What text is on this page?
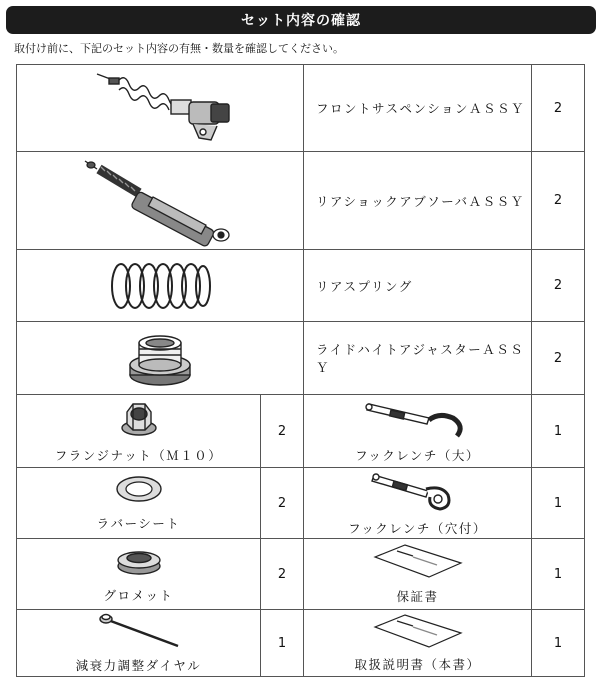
セット内容の確認
取付け前に、下記のセット内容の有無・数量を確認してください。
	フロントサスペンションＡＳＳＹ	2

	リアショックアブソーバＡＳＳＹ	2

	リアスプリング	2

	ライドハイトアジャスターＡＳＳＹ	2

フランジナット（Ｍ１０）	2	フックレンチ（大）	1

ラバーシート	2	フックレンチ（穴付）	1

グロメット	2	保証書	1

減衰力調整ダイヤル	1	取扱説明書（本書）	1
